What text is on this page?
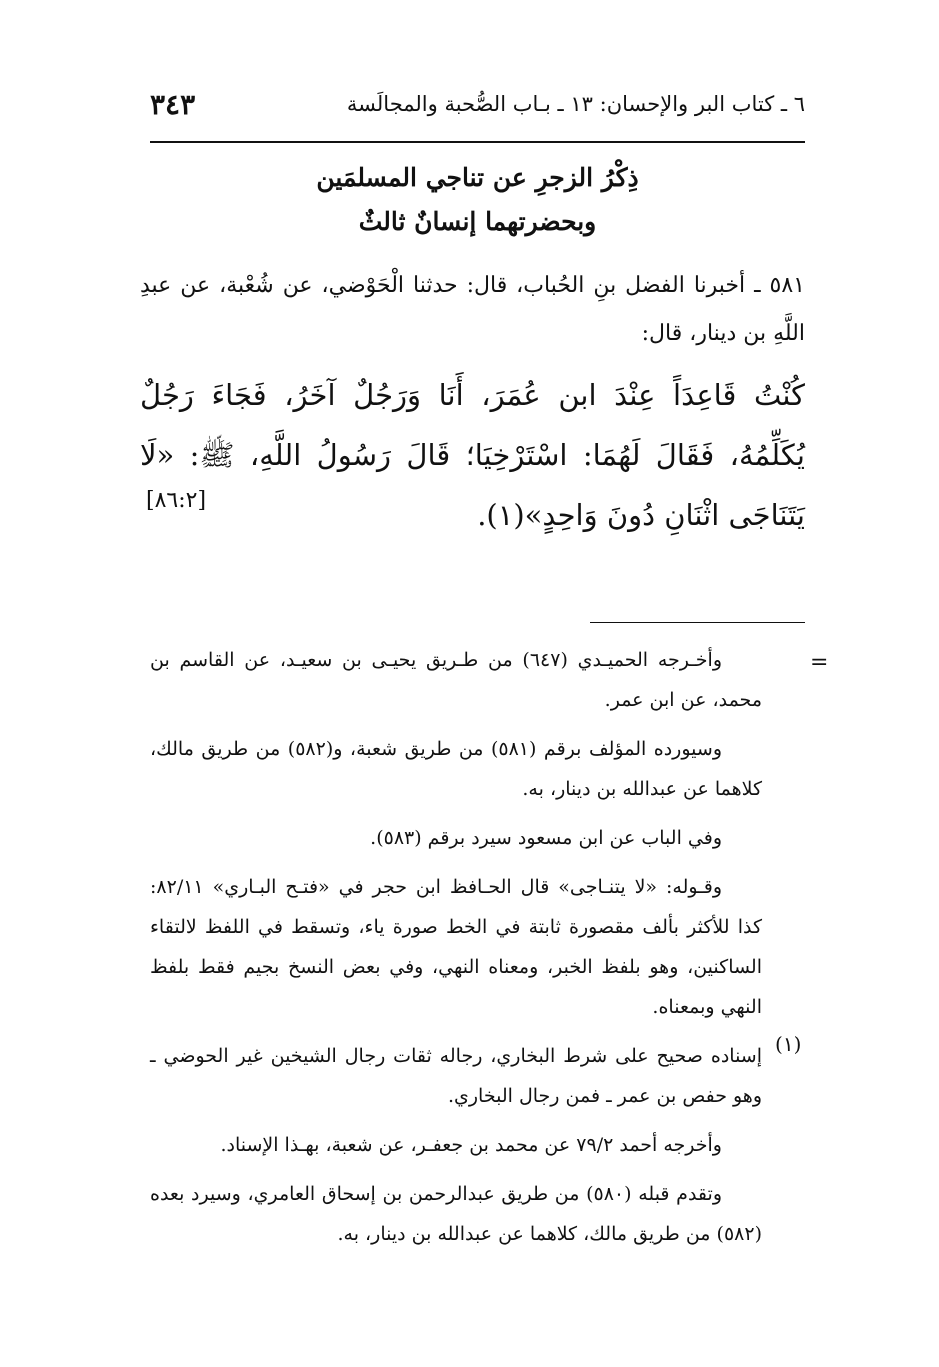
٣٤٣	٦ ـ كتاب البر والإحسان: ١٣ ـ بـاب الصُّحبة والمجالَسة
ذِكْرُ الزجرِ عن تناجي المسلمَين
وبحضرتهما إنسانٌ ثالثٌ
٥٨١ ـ أخبرنا الفضل بنِ الحُباب، قال: حدثنا الْحَوْضي، عن شُعْبة، عن عبدِ اللَّهِ بن دينار، قال:
كُنْتُ قَاعِدَاً عِنْدَ ابن عُمَرَ، أَنَا وَرَجُلٌ آخَرُ، فَجَاءَ رَجُلٌ يُكَلِّمُهُ، فَقَالَ لَهُمَا: اسْتَرْخِيَا؛ قَالَ رَسُولُ اللَّهِ، ﷺ: «لَا يَتَنَاجَى اثْنَانِ دُونَ وَاحِدٍ»(١).
[٨٦:٢]
=

وأخـرجه الحميـدي (٦٤٧) من طـريق يحيـى بن سعيـد، عن القاسم بن محمد، عن ابن عمر.

وسيورده المؤلف برقم (٥٨١) من طريق شعبة، و(٥٨٢) من طريق مالك، كلاهما عن عبدالله بن دينار، به.

وفي الباب عن ابن مسعود سيرد برقم (٥٨٣).

وقـوله: «لا يتنـاجى» قال الحـافظ ابن حجر في «فتـح البـاري» ٨٢/١١: كذا للأكثر بألف مقصورة ثابتة في الخط صورة ياء، وتسقط في اللفظ لالتقاء الساكنين، وهو بلفظ الخبر، ومعناه النهي، وفي بعض النسخ بجيم فقط بلفظ النهي وبمعناه.

إسناده صحيح على شرط البخاري، رجاله ثقات رجال الشيخين غير الحوضي ـ وهو حفص بن عمر ـ فمن رجال البخاري.

وأخرجه أحمد ٧٩/٢ عن محمد بن جعفـر، عن شعبة، بهـذا الإسناد.

وتقدم قبله (٥٨٠) من طريق عبدالرحمن بن إسحاق العامري، وسيرد بعده (٥٨٢) من طريق مالك، كلاهما عن عبدالله بن دينار، به.

(١)
